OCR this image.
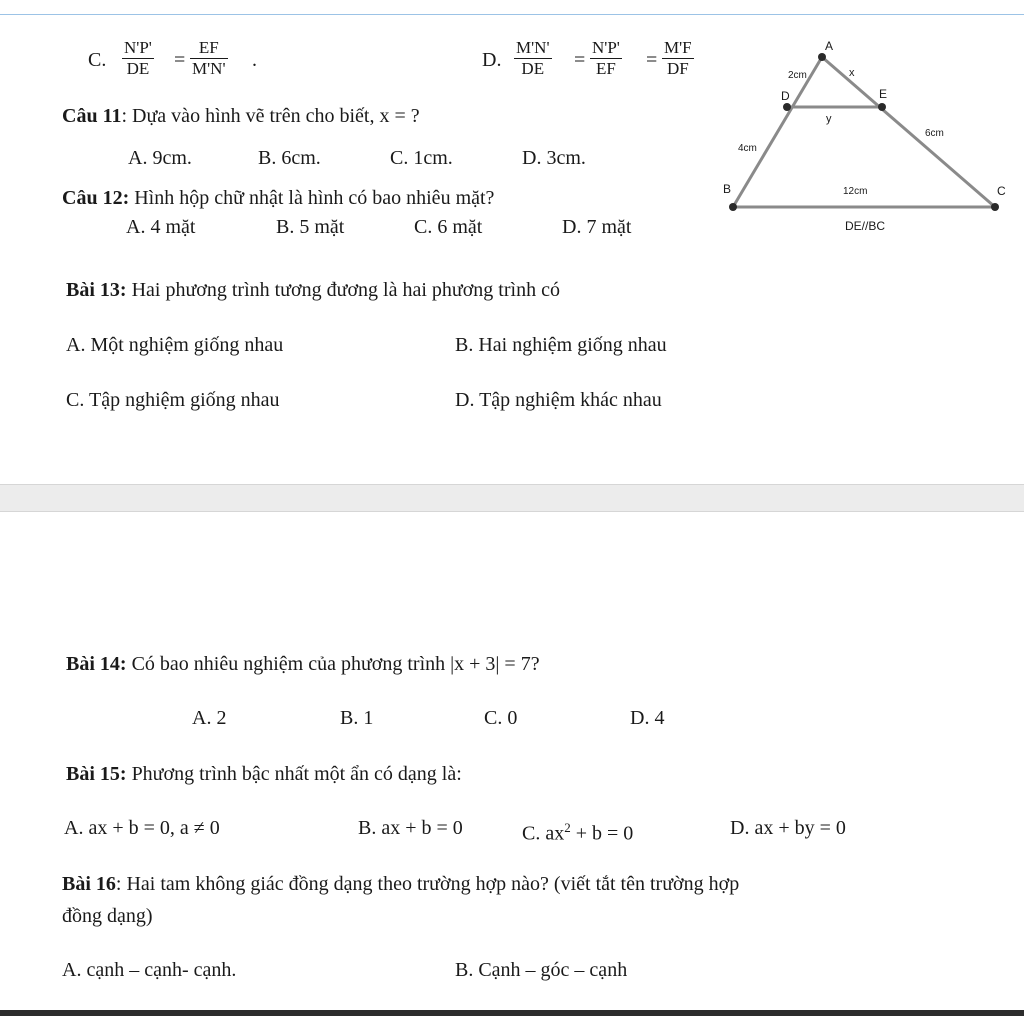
C. $\frac{N'P'}{DE} = \frac{EF}{M'N'}$ .	D. $\frac{M'N'}{DE} = \frac{N'P'}{EF} = \frac{M'F}{DF}$
Câu 11: Dựa vào hình vẽ trên cho biết, x = ?
A. 9cm.	B. 6cm.	C. 1cm.	D. 3cm.
Câu 12: Hình hộp chữ nhật là hình có bao nhiêu mặt?
A. 4 mặt	B. 5 mặt	C. 6 mặt	D. 7 mặt
A
D	E
B	C
x
y
2cm
4cm
6cm
12cm
DE//BC
Bài 13: Hai phương trình tương đương là hai phương trình có
A. Một nghiệm giống nhau	B. Hai nghiệm giống nhau
C. Tập nghiệm giống nhau	D. Tập nghiệm khác nhau
Bài 14: Có bao nhiêu nghiệm của phương trình |x + 3| = 7?
A. 2	B. 1	C. 0	D. 4
Bài 15: Phương trình bậc nhất một ẩn có dạng là:
A. ax + b = 0, a ≠ 0	B. ax + b = 0	C. $ax^2 + b = 0$	D. ax + by = 0
Bài 16: Hai tam không giác đồng dạng theo trường hợp nào? (viết tắt tên trường hợp
đồng dạng)
A. cạnh – cạnh- cạnh.	B. Cạnh – góc – cạnh
